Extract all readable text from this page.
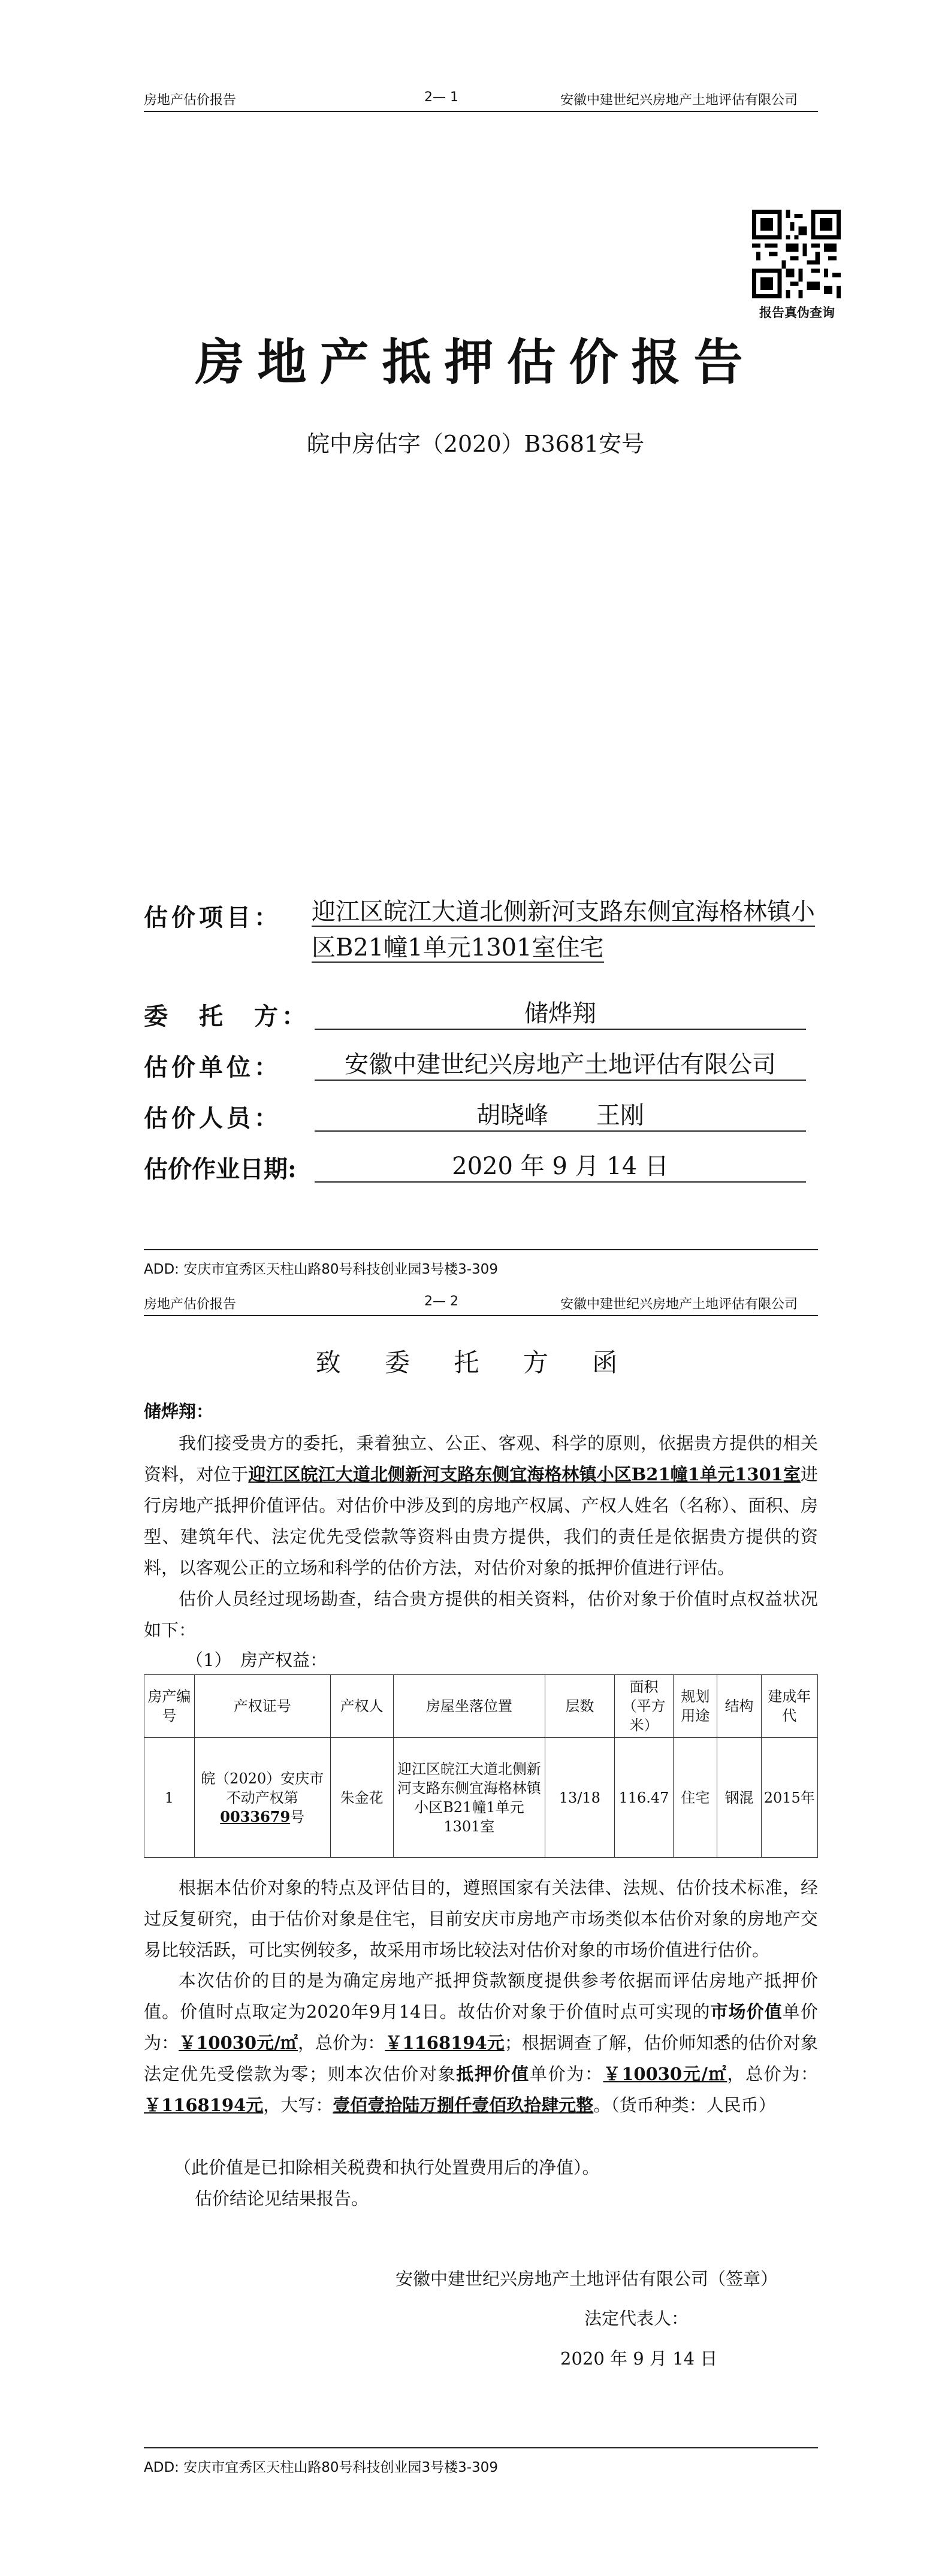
房地产估价报告	2— 1	安徽中建世纪兴房地产土地评估有限公司
报告真伪查询
房地产抵押估价报告
皖中房估字（2020）B3681安号
估价项目： 迎江区皖江大道北侧新河支路东侧宜海格林镇小区B21幢1单元1301室住宅
委　托　方：	储烨翔
估价单位：	安徽中建世纪兴房地产土地评估有限公司
估价人员：	胡晓峰　　王刚
估价作业日期:	2020 年 9 月 14 日
ADD: 安庆市宜秀区天柱山路80号科技创业园3号楼3-309
房地产估价报告	2— 2	安徽中建世纪兴房地产土地评估有限公司
致 委 托 方 函
储烨翔：
我们接受贵方的委托，秉着独立、公正、客观、科学的原则，依据贵方提供的相关资料，对位于迎江区皖江大道北侧新河支路东侧宜海格林镇小区B21幢1单元1301室进行房地产抵押价值评估。对估价中涉及到的房地产权属、产权人姓名（名称）、面积、房型、建筑年代、法定优先受偿款等资料由贵方提供，我们的责任是依据贵方提供的资料，以客观公正的立场和科学的估价方法，对估价对象的抵押价值进行评估。
估价人员经过现场勘查，结合贵方提供的相关资料，估价对象于价值时点权益状况如下：
（1）　房产权益：
房产编号	产权证号	产权人	房屋坐落位置	层数	面积（平方米）	规划用途	结构	建成年代
1	皖（2020）安庆市不动产权第0033679号	朱金花	迎江区皖江大道北侧新河支路东侧宜海格林镇小区B21幢1单元1301室	13/18	116.47	住宅	钢混	2015年
根据本估价对象的特点及评估目的，遵照国家有关法律、法规、估价技术标准，经过反复研究，由于估价对象是住宅，目前安庆市房地产市场类似本估价对象的房地产交易比较活跃，可比实例较多，故采用市场比较法对估价对象的市场价值进行估价。
本次估价的目的是为确定房地产抵押贷款额度提供参考依据而评估房地产抵押价值。价值时点取定为2020年9月14日。故估价对象于价值时点可实现的市场价值单价为：￥10030元/㎡，总价为：￥1168194元；根据调查了解，估价师知悉的估价对象法定优先受偿款为零；则本次估价对象抵押价值单价为：￥10030元/㎡，总价为：￥1168194元，大写：壹佰壹拾陆万捌仟壹佰玖拾肆元整。（货币种类：人民币）
（此价值是已扣除相关税费和执行处置费用后的净值）。
估价结论见结果报告。
安徽中建世纪兴房地产土地评估有限公司（签章）
法定代表人：
2020 年 9 月 14 日
ADD: 安庆市宜秀区天柱山路80号科技创业园3号楼3-309
